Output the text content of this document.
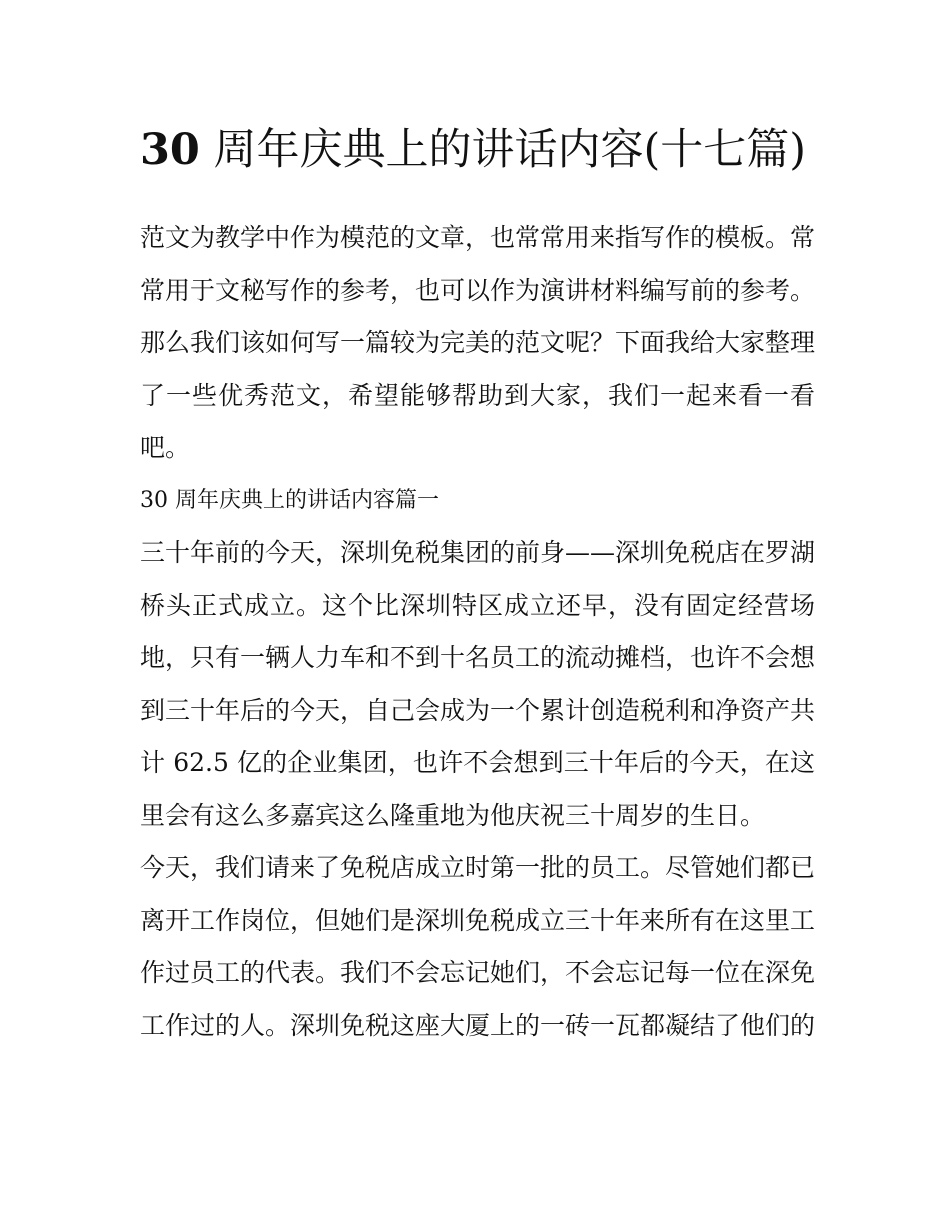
30 周年庆典上的讲话内容(十七篇)

范文为教学中作为模范的文章，也常常用来指写作的模板。常常用于文秘写作的参考，也可以作为演讲材料编写前的参考。那么我们该如何写一篇较为完美的范文呢？下面我给大家整理了一些优秀范文，希望能够帮助到大家，我们一起来看一看吧。

30 周年庆典上的讲话内容篇一

三十年前的今天，深圳免税集团的前身——深圳免税店在罗湖桥头正式成立。这个比深圳特区成立还早，没有固定经营场地，只有一辆人力车和不到十名员工的流动摊档，也许不会想到三十年后的今天，自己会成为一个累计创造税利和净资产共计 62.5 亿的企业集团，也许不会想到三十年后的今天，在这里会有这么多嘉宾这么隆重地为他庆祝三十周岁的生日。

今天，我们请来了免税店成立时第一批的员工。尽管她们都已离开工作岗位，但她们是深圳免税成立三十年来所有在这里工作过员工的代表。我们不会忘记她们，不会忘记每一位在深免工作过的人。深圳免税这座大厦上的一砖一瓦都凝结了他们的
